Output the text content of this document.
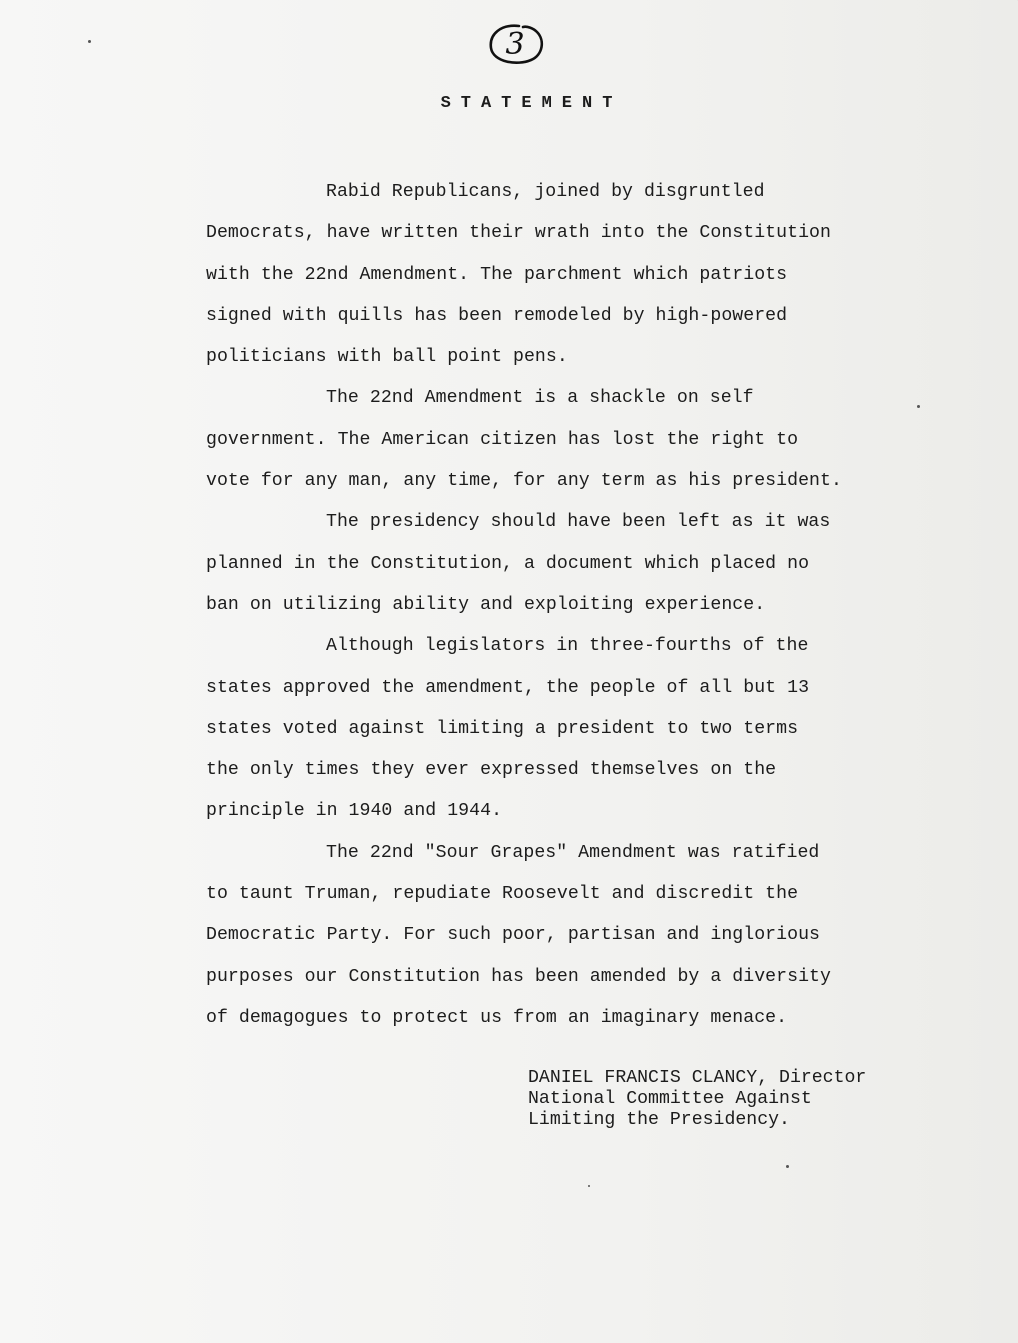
3
STATEMENT
Rabid Republicans, joined by disgruntled
Democrats, have written their wrath into the Constitution
with the 22nd Amendment. The parchment which patriots
signed with quills has been remodeled by high-powered
politicians with ball point pens.
The 22nd Amendment is a shackle on self
government. The American citizen has lost the right to
vote for any man, any time, for any term as his president.
The presidency should have been left as it was
planned in the Constitution, a document which placed no
ban on utilizing ability and exploiting experience.
Although legislators in three-fourths of the
states approved the amendment, the people of all but 13
states voted against limiting a president to two terms
the only times they ever expressed themselves on the
principle in 1940 and 1944.
The 22nd "Sour Grapes" Amendment was ratified
to taunt Truman, repudiate Roosevelt and discredit the
Democratic Party. For such poor, partisan and inglorious
purposes our Constitution has been amended by a diversity
of demagogues to protect us from an imaginary menace.
DANIEL FRANCIS CLANCY, Director
National Committee Against
Limiting the Presidency.
